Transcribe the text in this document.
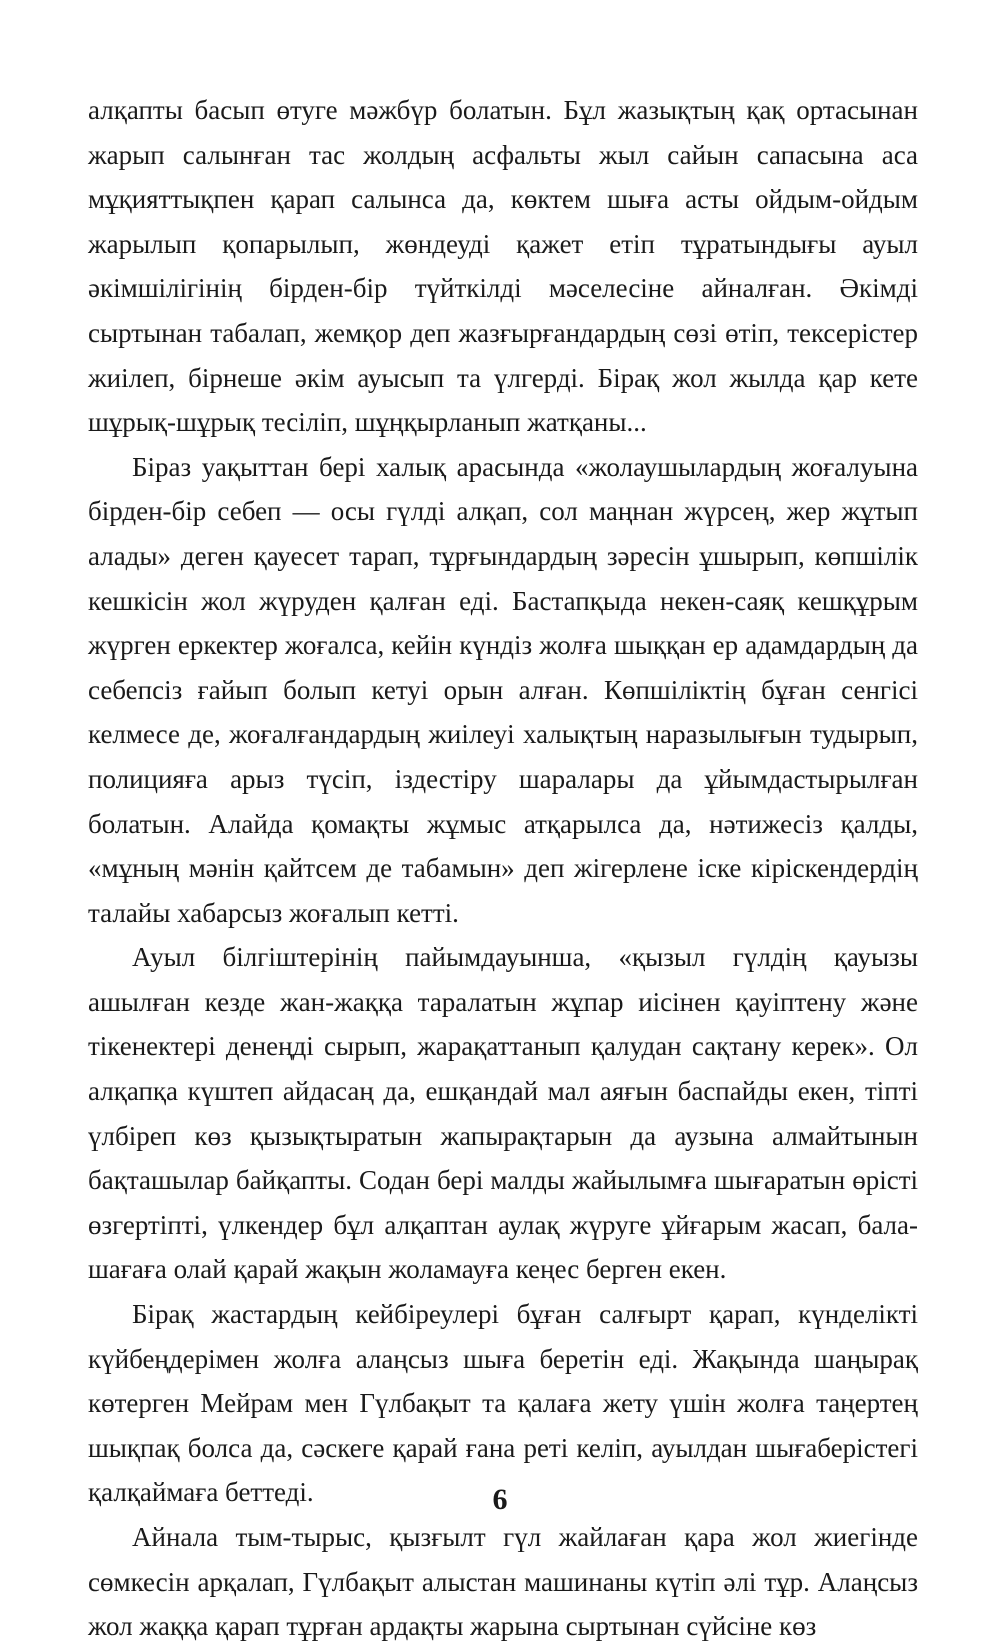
алқапты басып өтуге мәжбүр болатын. Бұл жазықтың қақ ортасынан жарып салынған тас жолдың асфальты жыл сайын сапасына аса мұқияттықпен қарап салынса да, көктем шыға асты ойдым-ойдым жарылып қопарылып, жөндеуді қажет етіп тұратындығы ауыл әкімшілігінің бірден-бір түйткілді мәселесіне айналған. Әкімді сыртынан табалап, жемқор деп жазғырғандардың сөзі өтіп, тексерістер жиілеп, бірнеше әкім ауысып та үлгерді. Бірақ жол жылда қар кете шұрық-шұрық тесіліп, шұңқырланып жатқаны...

Біраз уақыттан бері халық арасында «жолаушылардың жоғалуына бірден-бір себеп — осы гүлді алқап, сол маңнан жүрсең, жер жұтып алады» деген қауесет тарап, тұрғындардың зәресін ұшырып, көпшілік кешкісін жол жүруден қалған еді. Бастапқыда некен-саяқ кешқұрым жүрген еркектер жоғалса, кейін күндіз жолға шыққан ер адамдардың да себепсіз ғайып болып кетуі орын алған. Көпшіліктің бұған сенгісі келмесе де, жоғалғандардың жиілеуі халықтың наразылығын тудырып, полицияға арыз түсіп, іздестіру шаралары да ұйымдастырылған болатын. Алайда қомақты жұмыс атқарылса да, нәтижесіз қалды, «мұның мәнін қайтсем де табамын» деп жігерлене іске кірiскендердің талайы хабарсыз жоғалып кетті.

Ауыл білгіштерінің пайымдауынша, «қызыл гүлдің қауызы ашылған кезде жан-жаққа таралатын жұпар иісінен қауіптену және тікенектері денеңді сырып, жарақаттанып қалудан сақтану керек». Ол алқапқа күштеп айдасаң да, ешқандай мал аяғын баспайды екен, тіпті үлбіреп көз қызықтыратын жапырақтарын да аузына алмайтынын бақташылар байқапты. Содан бері малды жайылымға шығаратын өрісті өзгертіпті, үлкендер бұл алқаптан аулақ жүруге ұйғарым жасап, бала-шағаға олай қарай жақын жоламауға кеңес берген екен.

Бірақ жастардың кейбіреулері бұған салғырт қарап, күнделікті күйбеңдерімен жолға алаңсыз шыға беретін еді. Жақында шаңырақ көтерген Мейрам мен Гүлбақыт та қалаға жету үшін жолға таңертең шықпақ болса да, сәскеге қарай ғана реті келіп, ауылдан шығаберістегі қалқаймаға беттеді.

Айнала тым-тырыс, қызғылт гүл жайлаған қара жол жиегінде сөмкесін арқалап, Гүлбақыт алыстан машинаны күтіп әлі тұр. Алаңсыз жол жаққа қарап тұрған ардақты жарына сыртынан сүйсіне көз

6
